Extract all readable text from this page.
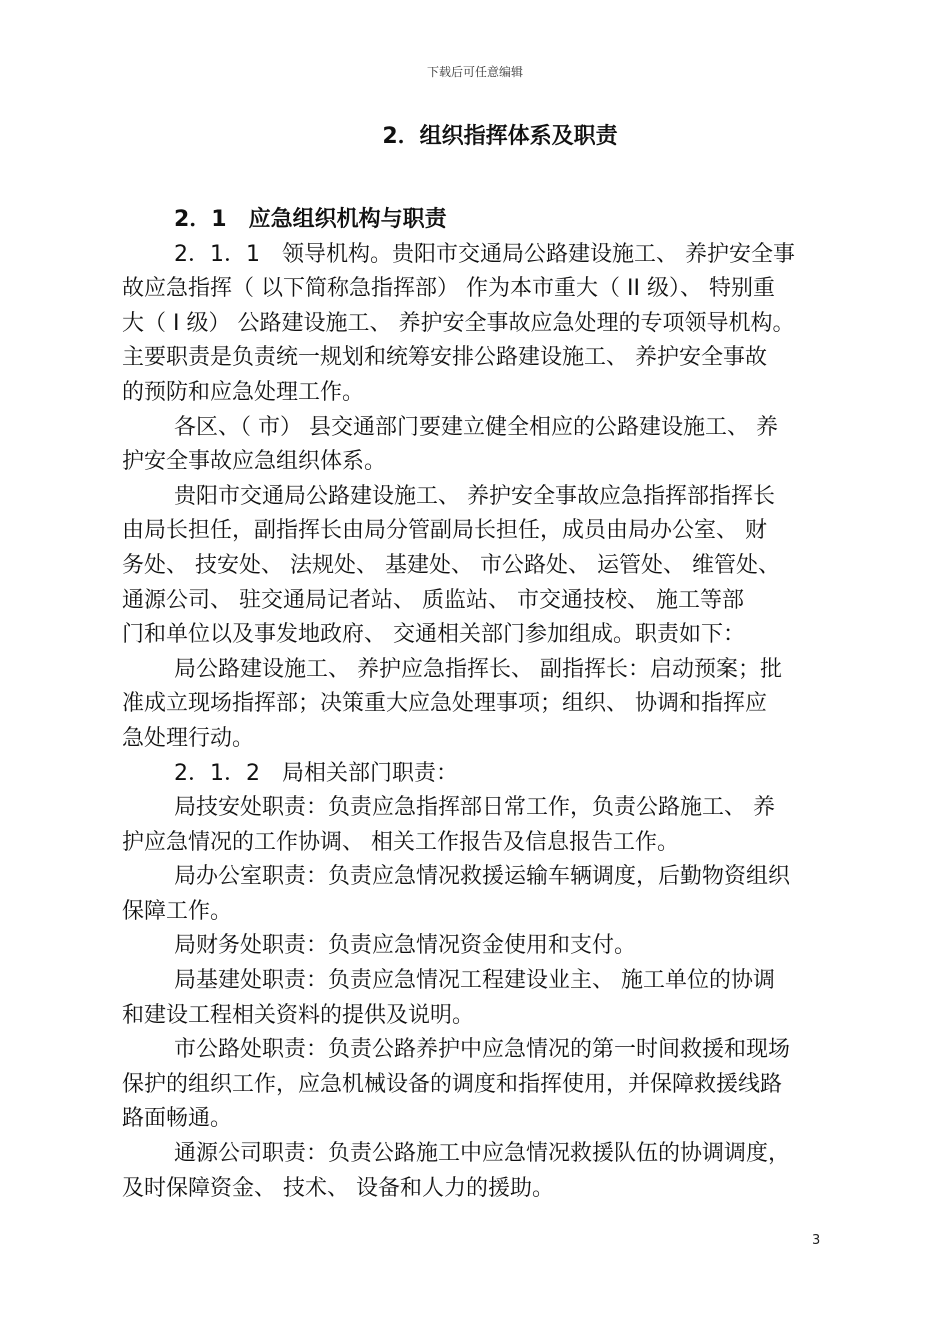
下载后可任意编辑
2．组织指挥体系及职责
2．1　应急组织机构与职责
2．1．1　领导机构。贵阳市交通局公路建设施工、 养护安全事
故应急指挥（ 以下简称急指挥部） 作为本市重大（ II 级）、 特别重
大（ I 级） 公路建设施工、 养护安全事故应急处理的专项领导机构。
主要职责是负责统一规划和统筹安排公路建设施工、 养护安全事故
的预防和应急处理工作。
各区、（ 市） 县交通部门要建立健全相应的公路建设施工、 养
护安全事故应急组织体系。
贵阳市交通局公路建设施工、 养护安全事故应急指挥部指挥长
由局长担任，副指挥长由局分管副局长担任，成员由局办公室、 财
务处、 技安处、 法规处、 基建处、 市公路处、 运管处、 维管处、
通源公司、 驻交通局记者站、 质监站、 市交通技校、 施工等部
门和单位以及事发地政府、 交通相关部门参加组成。职责如下：
局公路建设施工、 养护应急指挥长、 副指挥长：启动预案；批
准成立现场指挥部；决策重大应急处理事项；组织、 协调和指挥应
急处理行动。
2．1．2　局相关部门职责：
局技安处职责：负责应急指挥部日常工作，负责公路施工、 养
护应急情况的工作协调、 相关工作报告及信息报告工作。
局办公室职责：负责应急情况救援运输车辆调度，后勤物资组织
保障工作。
局财务处职责：负责应急情况资金使用和支付。
局基建处职责：负责应急情况工程建设业主、 施工单位的协调
和建设工程相关资料的提供及说明。
市公路处职责：负责公路养护中应急情况的第一时间救援和现场
保护的组织工作，应急机械设备的调度和指挥使用，并保障救援线路
路面畅通。
通源公司职责：负责公路施工中应急情况救援队伍的协调调度，
及时保障资金、 技术、 设备和人力的援助。
3
